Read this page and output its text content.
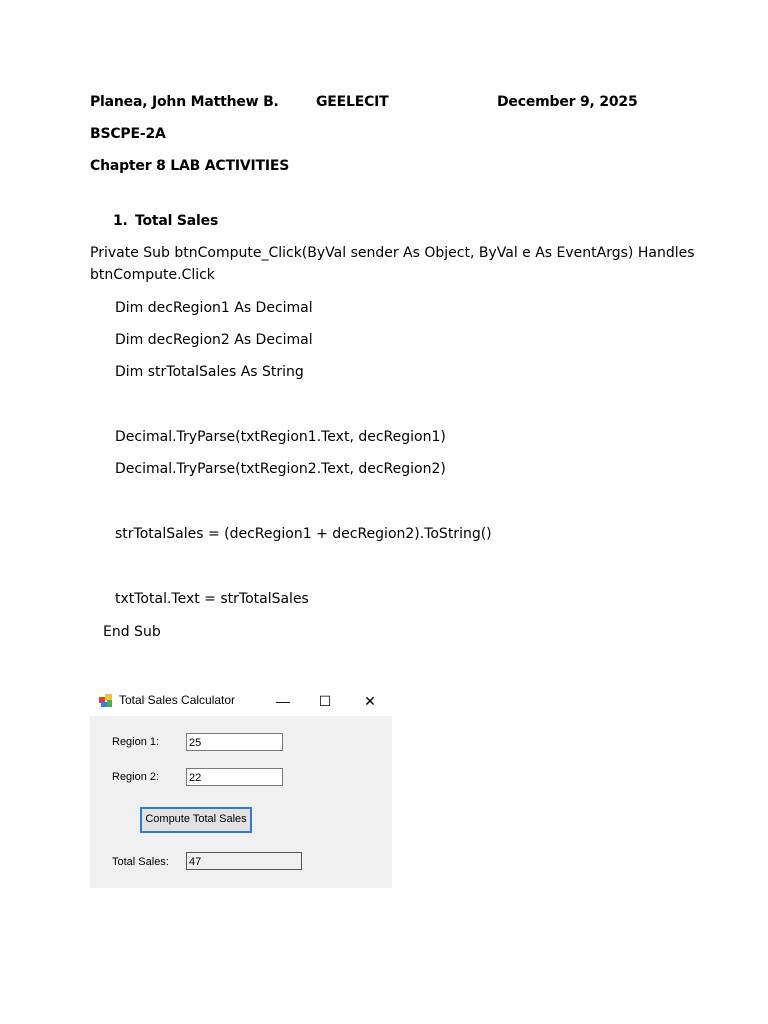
Planea, John Matthew B.	GEELECIT	December 9, 2025
BSCPE-2A
Chapter 8 LAB ACTIVITIES
1. Total Sales
Private Sub btnCompute_Click(ByVal sender As Object, ByVal e As EventArgs) Handles
btnCompute.Click
Dim decRegion1 As Decimal
Dim decRegion2 As Decimal
Dim strTotalSales As String
Decimal.TryParse(txtRegion1.Text, decRegion1)
Decimal.TryParse(txtRegion2.Text, decRegion2)
strTotalSales = (decRegion1 + decRegion2).ToString()
txtTotal.Text = strTotalSales
End Sub
Total Sales Calculator	—	☐	✕
Region 1:	25
Region 2:	22
Compute Total Sales
Total Sales: 47
